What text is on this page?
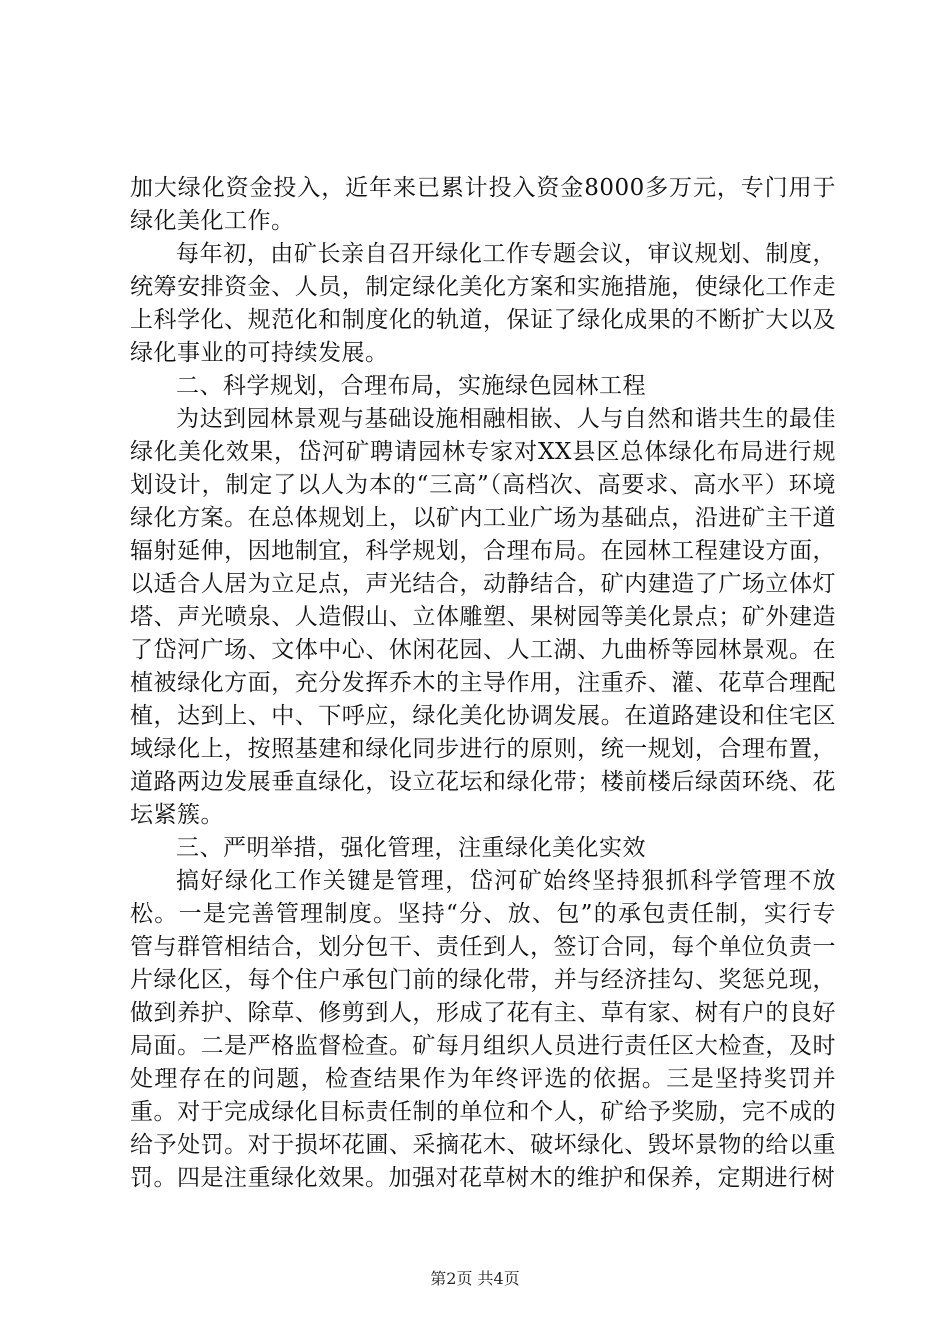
加大绿化资金投入，近年来已累计投入资金8000多万元，专门用于绿化美化工作。

每年初，由矿长亲自召开绿化工作专题会议，审议规划、制度，统筹安排资金、人员，制定绿化美化方案和实施措施，使绿化工作走上科学化、规范化和制度化的轨道，保证了绿化成果的不断扩大以及绿化事业的可持续发展。

二、科学规划，合理布局，实施绿色园林工程

为达到园林景观与基础设施相融相嵌、人与自然和谐共生的最佳绿化美化效果，岱河矿聘请园林专家对XX县区总体绿化布局进行规划设计，制定了以人为本的“三高”（高档次、高要求、高水平）环境绿化方案。在总体规划上，以矿内工业广场为基础点，沿进矿主干道辐射延伸，因地制宜，科学规划，合理布局。在园林工程建设方面，以适合人居为立足点，声光结合，动静结合，矿内建造了广场立体灯塔、声光喷泉、人造假山、立体雕塑、果树园等美化景点；矿外建造了岱河广场、文体中心、休闲花园、人工湖、九曲桥等园林景观。在植被绿化方面，充分发挥乔木的主导作用，注重乔、灌、花草合理配植，达到上、中、下呼应，绿化美化协调发展。在道路建设和住宅区域绿化上，按照基建和绿化同步进行的原则，统一规划，合理布置，道路两边发展垂直绿化，设立花坛和绿化带；楼前楼后绿茵环绕、花坛紧簇。

三、严明举措，强化管理，注重绿化美化实效

搞好绿化工作关键是管理，岱河矿始终坚持狠抓科学管理不放松。一是完善管理制度。坚持“分、放、包”的承包责任制，实行专管与群管相结合，划分包干、责任到人，签订合同，每个单位负责一片绿化区，每个住户承包门前的绿化带，并与经济挂勾、奖惩兑现，做到养护、除草、修剪到人，形成了花有主、草有家、树有户的良好局面。二是严格监督检查。矿每月组织人员进行责任区大检查，及时处理存在的问题，检查结果作为年终评选的依据。三是坚持奖罚并重。对于完成绿化目标责任制的单位和个人，矿给予奖励，完不成的给予处罚。对于损坏花圃、采摘花木、破坏绿化、毁坏景物的给以重罚。四是注重绿化效果。加强对花草树木的维护和保养，定期进行树

第2页 共4页
